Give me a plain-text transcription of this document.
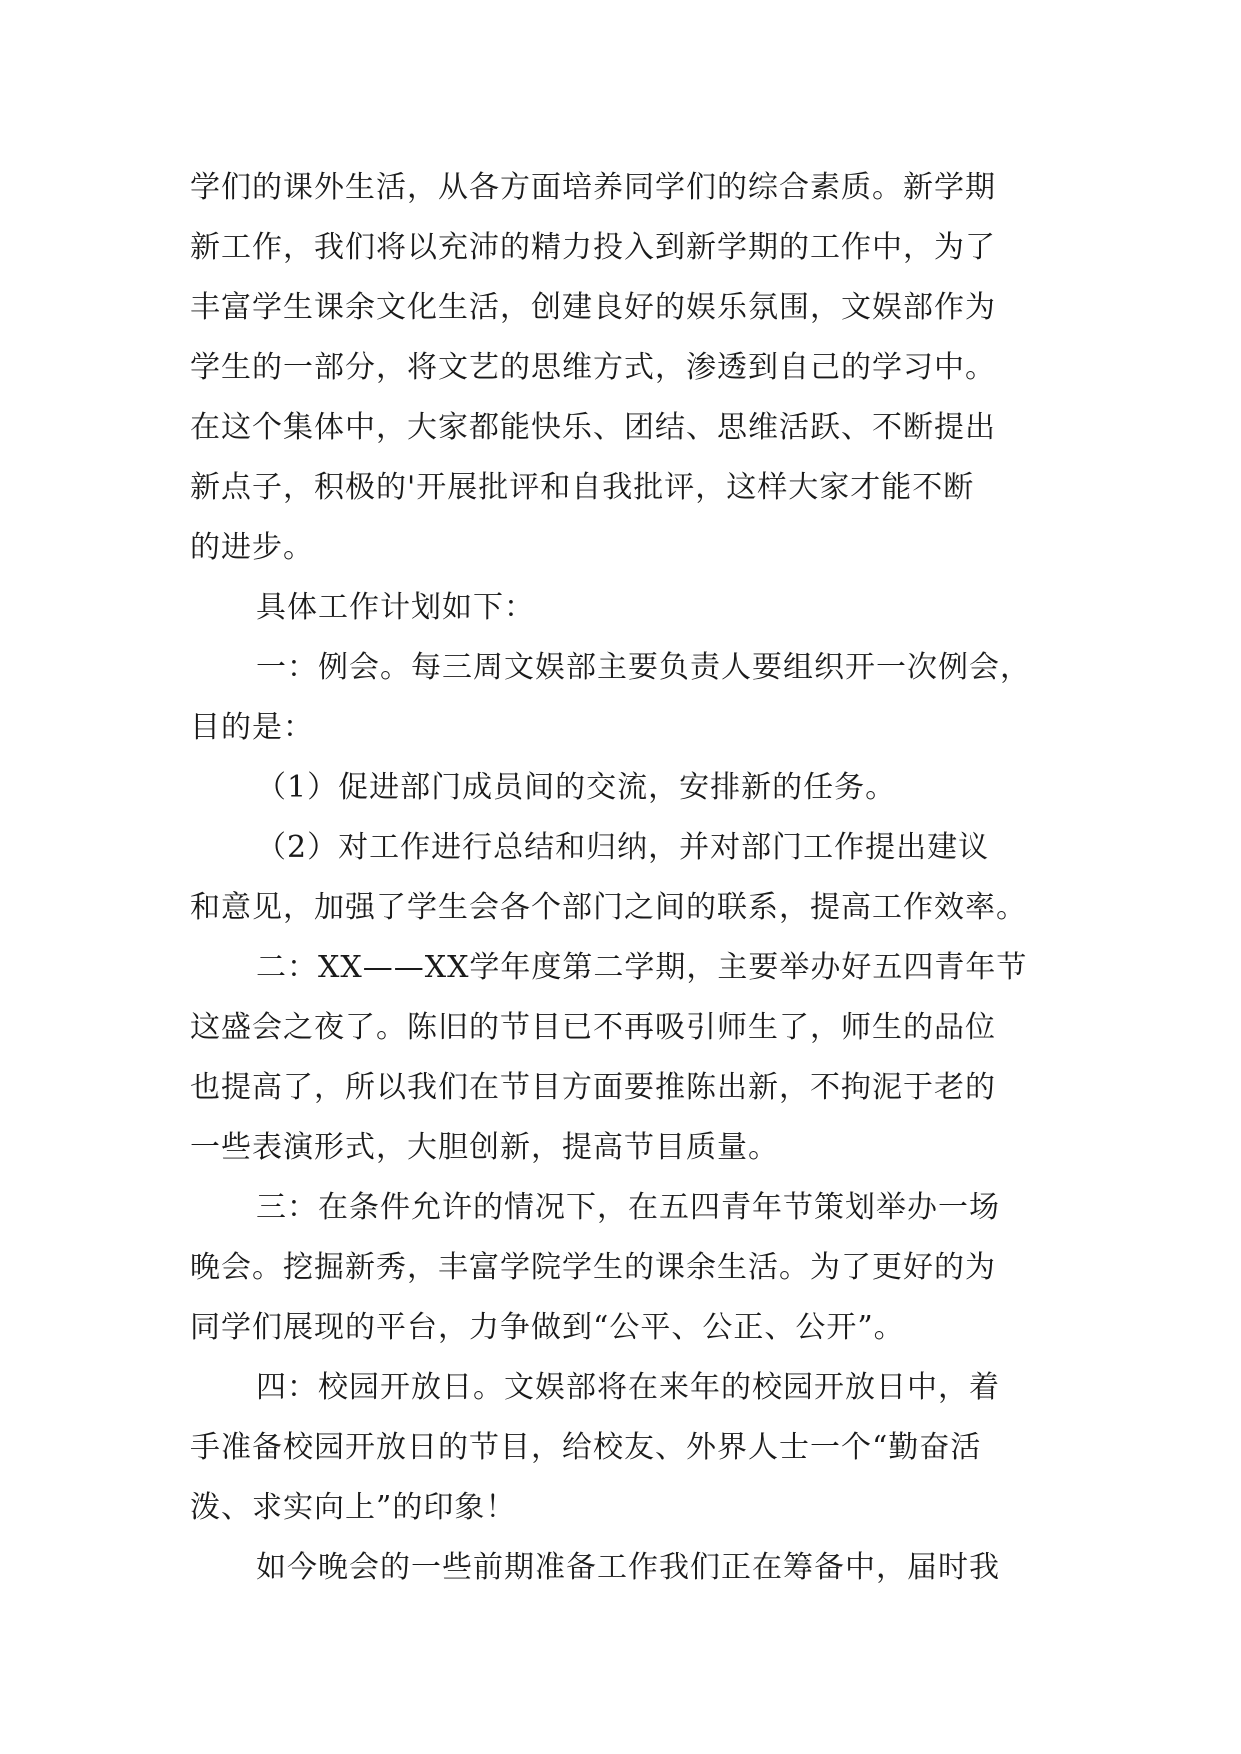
学们的课外生活，从各方面培养同学们的综合素质。新学期
新工作，我们将以充沛的精力投入到新学期的工作中，为了
丰富学生课余文化生活，创建良好的娱乐氛围，文娱部作为
学生的一部分，将文艺的思维方式，渗透到自己的学习中。
在这个集体中，大家都能快乐、团结、思维活跃、不断提出
新点子，积极的'开展批评和自我批评，这样大家才能不断
的进步。
具体工作计划如下：
一：例会。每三周文娱部主要负责人要组织开一次例会，
目的是：
（1）促进部门成员间的交流，安排新的任务。
（2）对工作进行总结和归纳，并对部门工作提出建议
和意见，加强了学生会各个部门之间的联系，提高工作效率。
二：XX——XX学年度第二学期，主要举办好五四青年节
这盛会之夜了。陈旧的节目已不再吸引师生了，师生的品位
也提高了，所以我们在节目方面要推陈出新，不拘泥于老的
一些表演形式，大胆创新，提高节目质量。
三：在条件允许的情况下，在五四青年节策划举办一场
晚会。挖掘新秀，丰富学院学生的课余生活。为了更好的为
同学们展现的平台，力争做到“公平、公正、公开”。
四：校园开放日。文娱部将在来年的校园开放日中，着
手准备校园开放日的节目，给校友、外界人士一个“勤奋活
泼、求实向上”的印象！
如今晚会的一些前期准备工作我们正在筹备中，届时我
